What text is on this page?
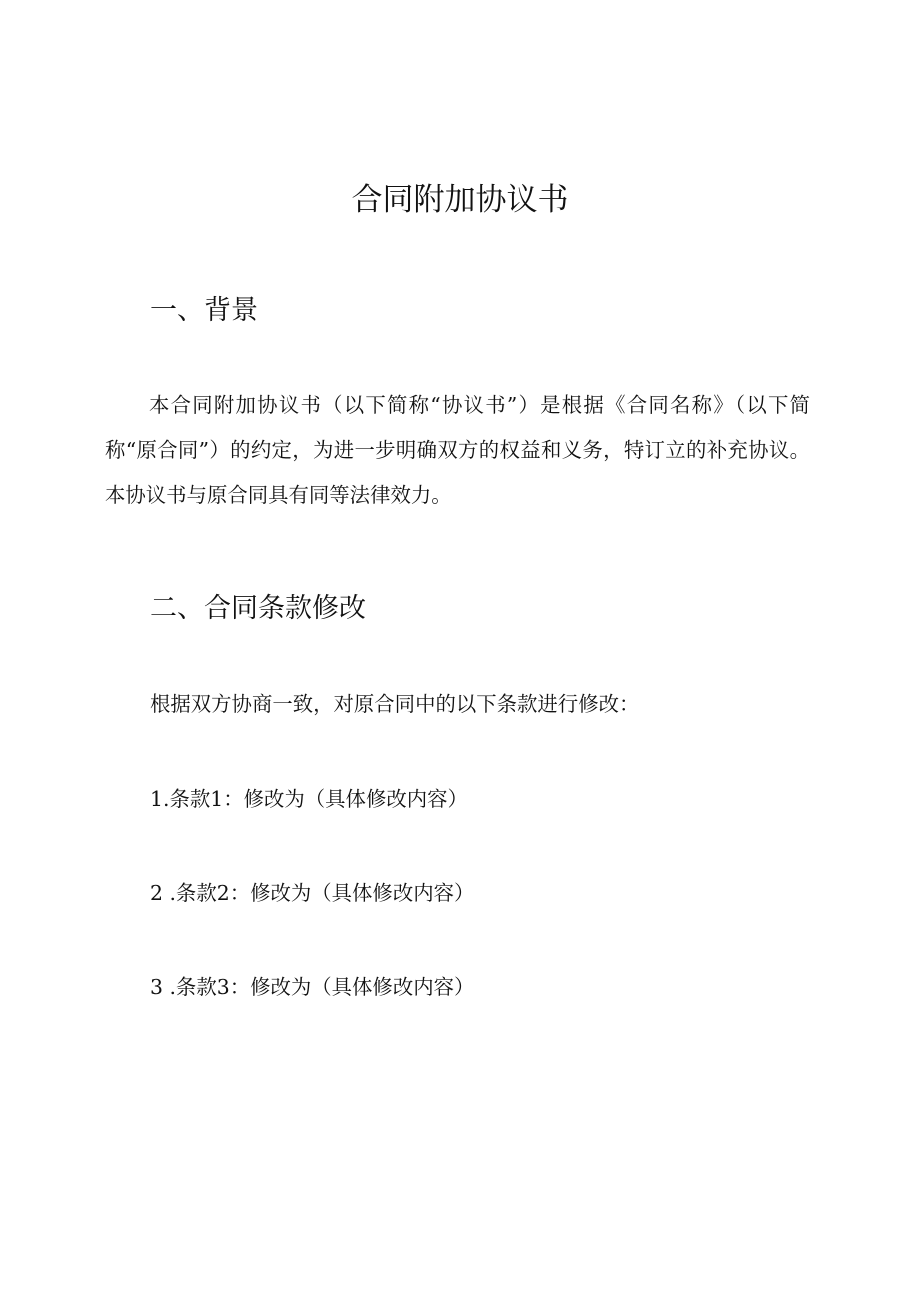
合同附加协议书
一、背景

本合同附加协议书（以下简称“协议书”）是根据《合同名称》（以下简称“原合同”）的约定，为进一步明确双方的权益和义务，特订立的补充协议。本协议书与原合同具有同等法律效力。

二、合同条款修改
根据双方协商一致，对原合同中的以下条款进行修改：
1.条款1：修改为（具体修改内容）
2 .条款2：修改为（具体修改内容）
3 .条款3：修改为（具体修改内容）
